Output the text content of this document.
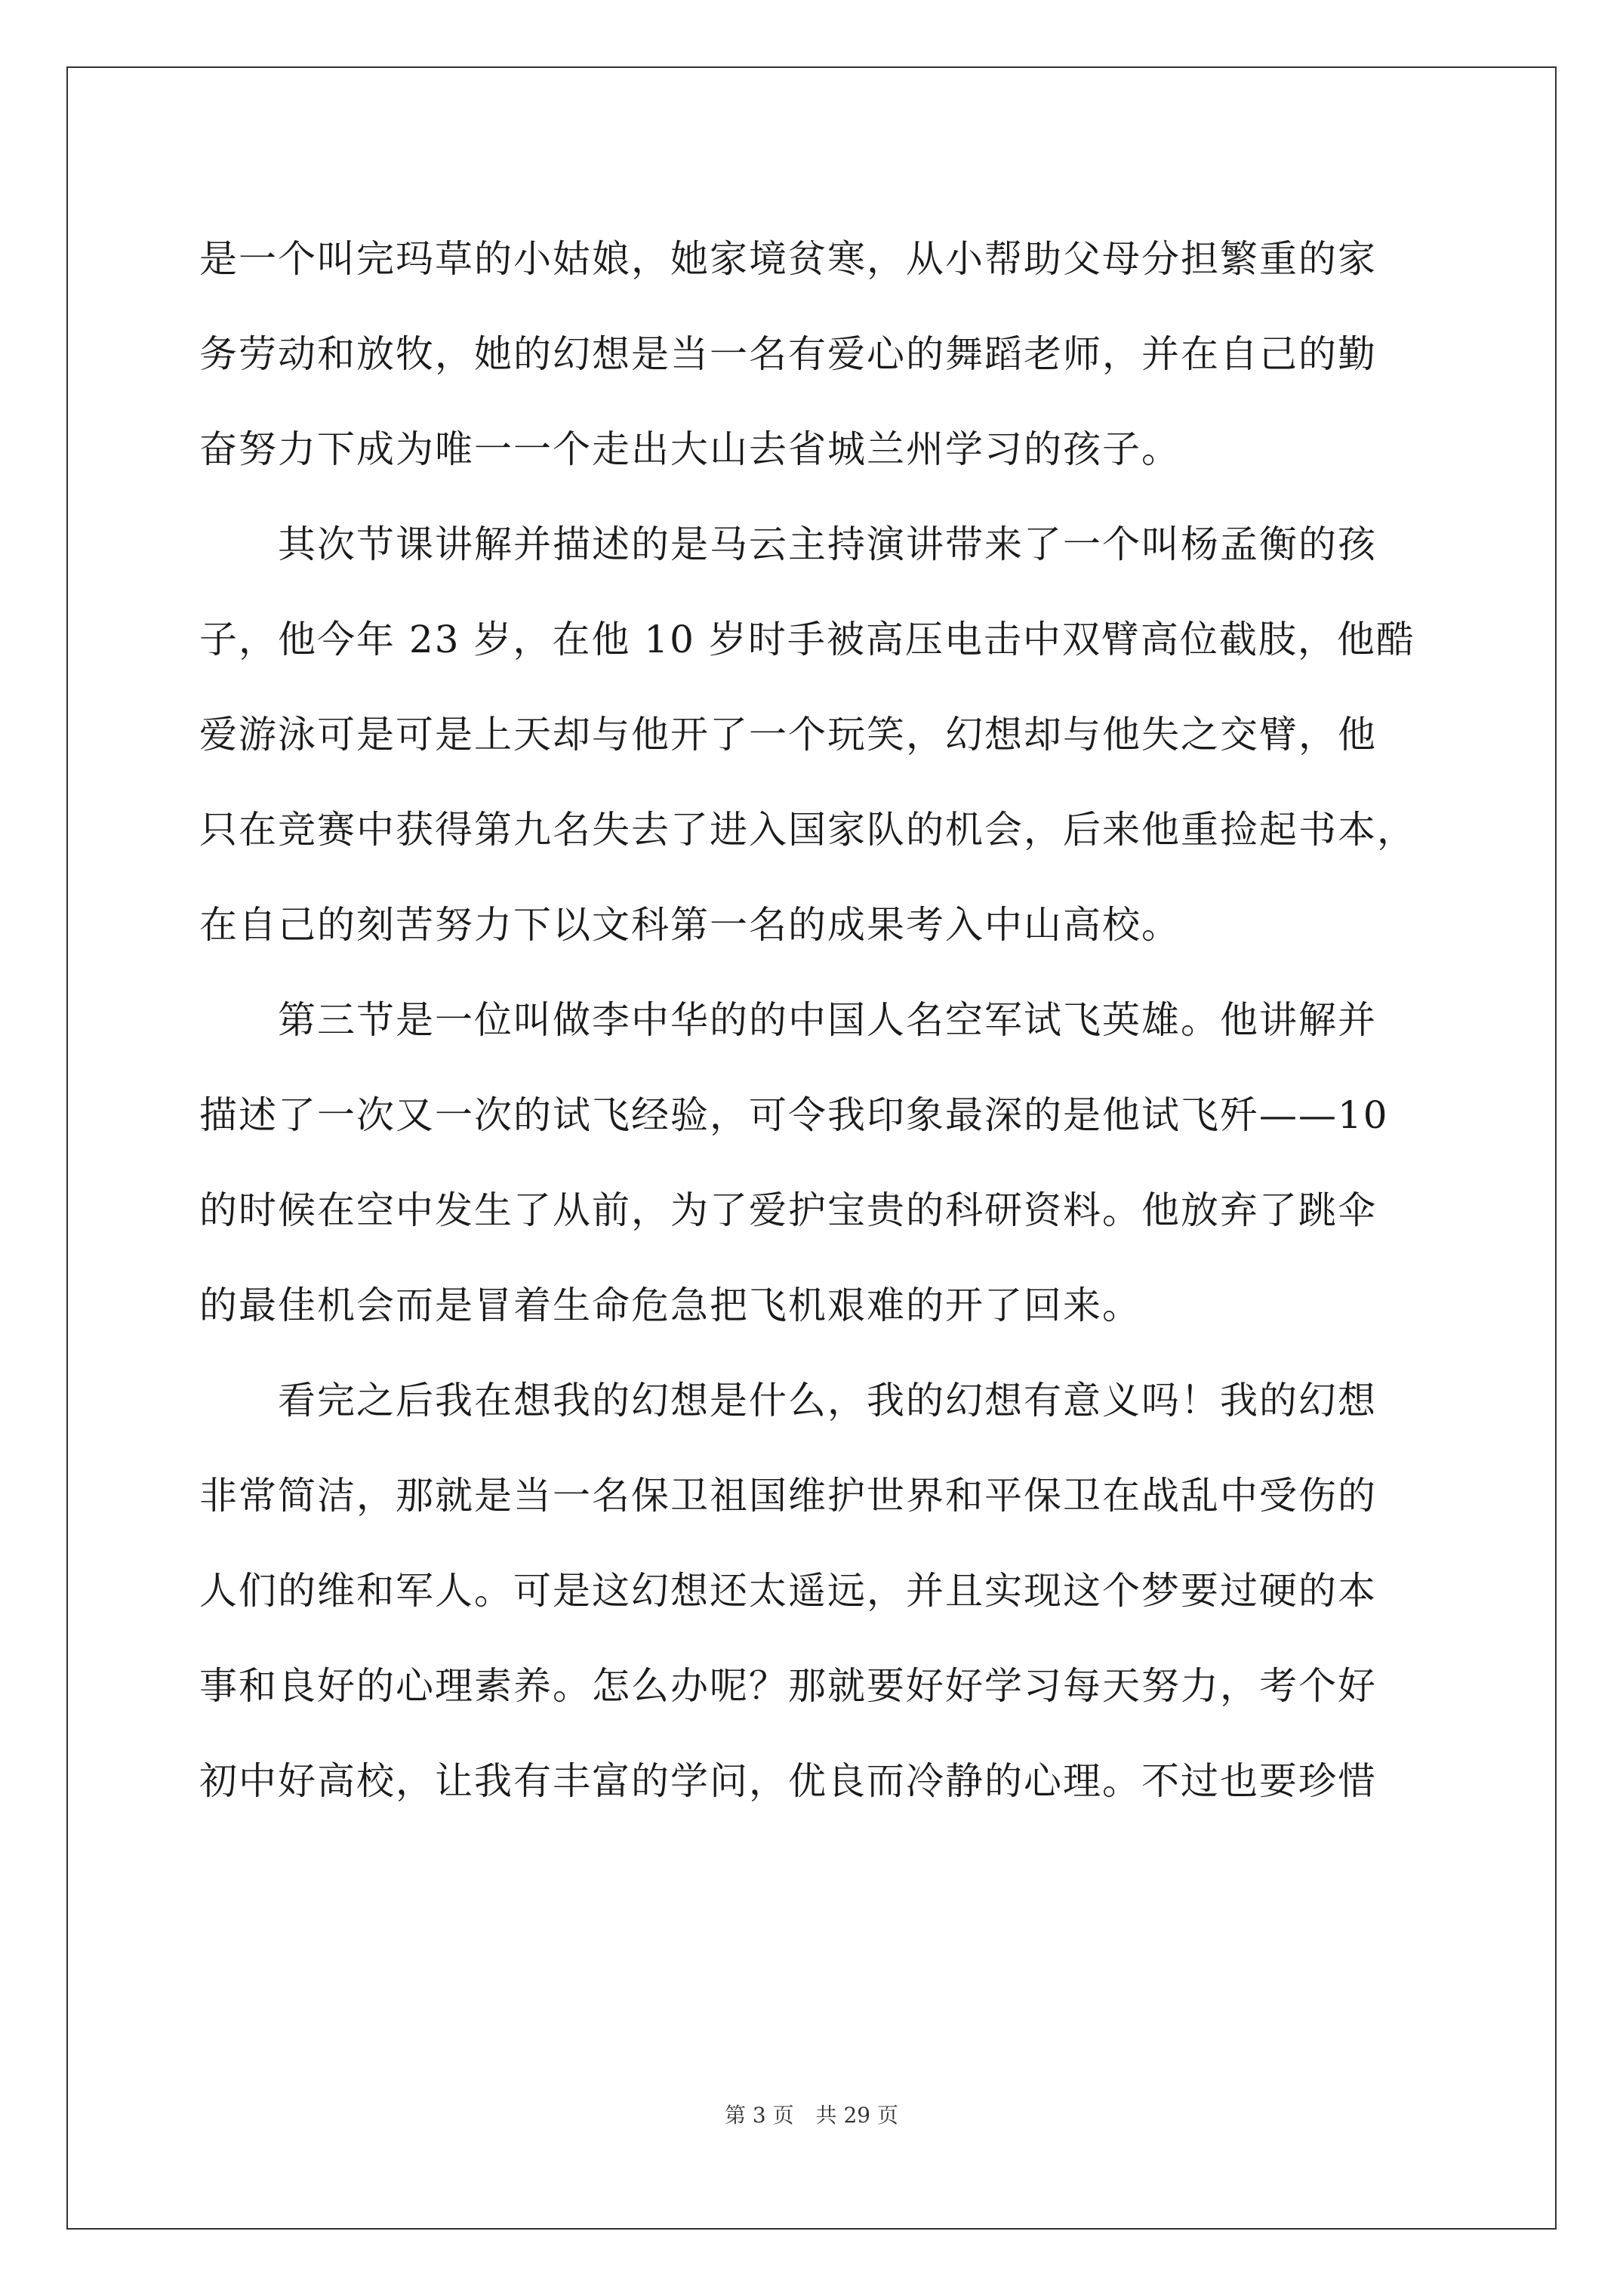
是一个叫完玛草的小姑娘，她家境贫寒，从小帮助父母分担繁重的家
务劳动和放牧，她的幻想是当一名有爱心的舞蹈老师，并在自己的勤
奋努力下成为唯一一个走出大山去省城兰州学习的孩子。
　　其次节课讲解并描述的是马云主持演讲带来了一个叫杨孟衡的孩
子，他今年 23 岁，在他 10 岁时手被高压电击中双臂高位截肢，他酷
爱游泳可是可是上天却与他开了一个玩笑，幻想却与他失之交臂，他
只在竞赛中获得第九名失去了进入国家队的机会，后来他重捡起书本，
在自己的刻苦努力下以文科第一名的成果考入中山高校。
　　第三节是一位叫做李中华的的中国人名空军试飞英雄。他讲解并
描述了一次又一次的试飞经验，可令我印象最深的是他试飞歼——10
的时候在空中发生了从前，为了爱护宝贵的科研资料。他放弃了跳伞
的最佳机会而是冒着生命危急把飞机艰难的开了回来。
　　看完之后我在想我的幻想是什么，我的幻想有意义吗！我的幻想
非常简洁，那就是当一名保卫祖国维护世界和平保卫在战乱中受伤的
人们的维和军人。可是这幻想还太遥远，并且实现这个梦要过硬的本
事和良好的心理素养。怎么办呢？那就要好好学习每天努力，考个好
初中好高校，让我有丰富的学问，优良而冷静的心理。不过也要珍惜
第 3 页 共 29 页
